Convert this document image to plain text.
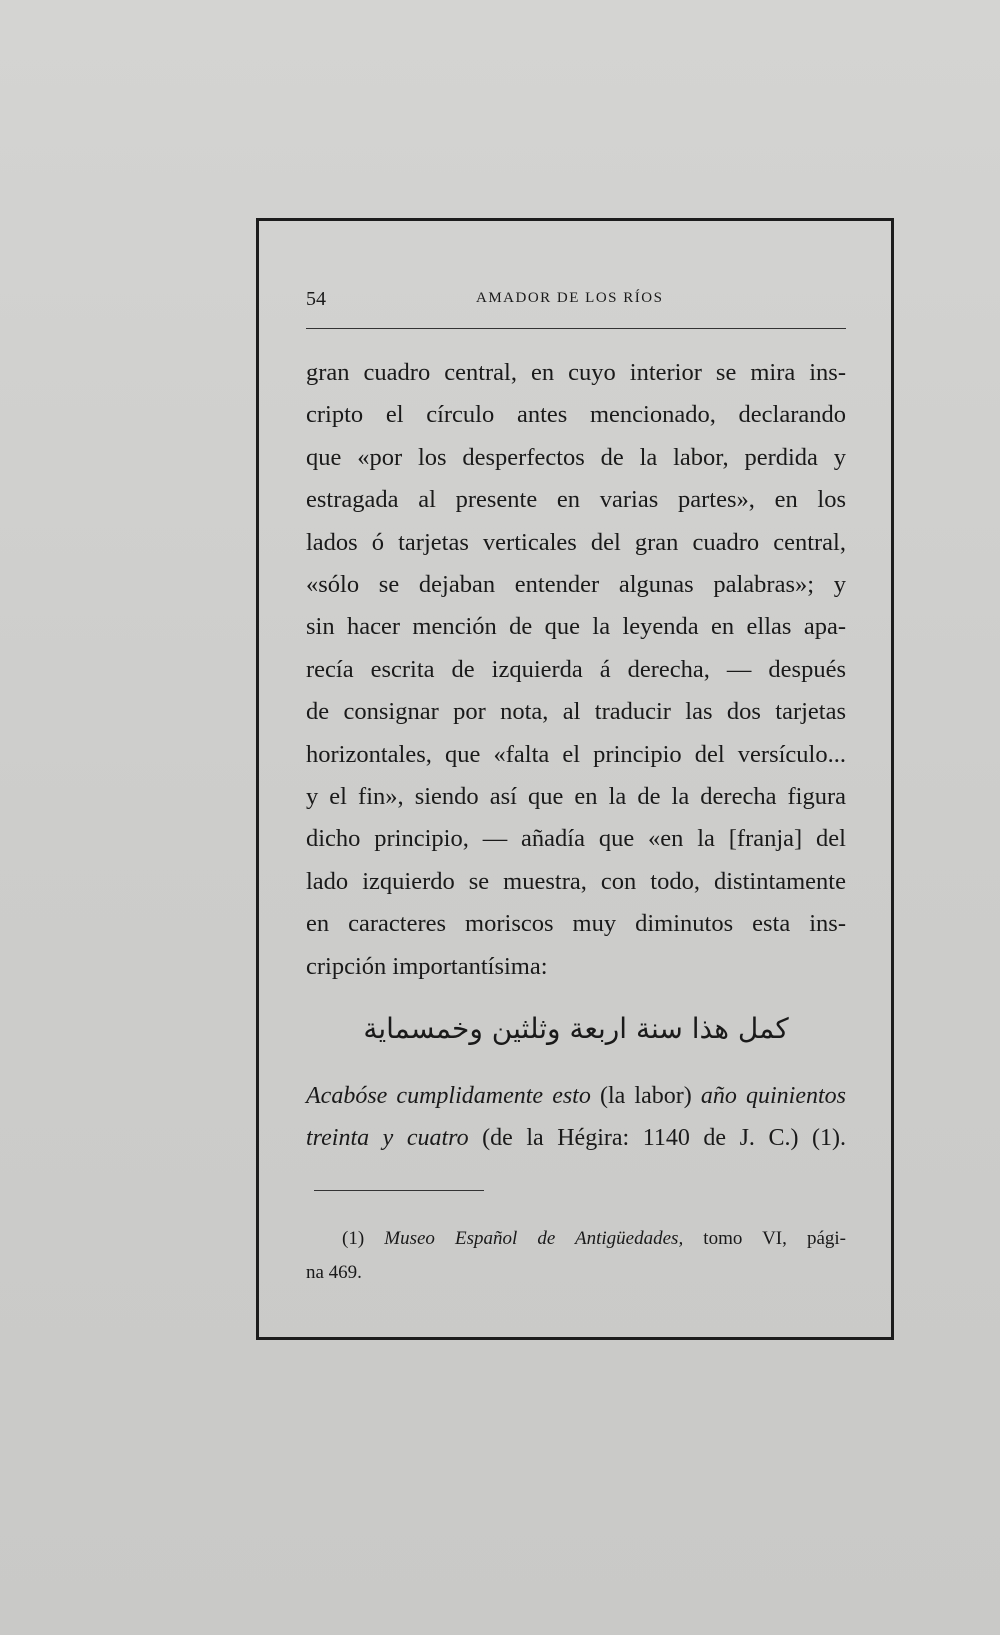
54	AMADOR DE LOS RÍOS
gran cuadro central, en cuyo interior se mira ins-
cripto el círculo antes mencionado, declarando
que «por los desperfectos de la labor, perdida y
estragada al presente en varias partes», en los
lados ó tarjetas verticales del gran cuadro central,
«sólo se dejaban entender algunas palabras»; y
sin hacer mención de que la leyenda en ellas apa-
recía escrita de izquierda á derecha, — después
de consignar por nota, al traducir las dos tarjetas
horizontales, que «falta el principio del versículo...
y el fin», siendo así que en la de la derecha figura
dicho principio, — añadía que «en la [franja] del
lado izquierdo se muestra, con todo, distintamente
en caracteres moriscos muy diminutos esta ins-
cripción importantísima:
كمل هذا سنة اربعة وثلثين وخمسماية
Acabóse cumplidamente esto (la labor) año quinientos
treinta y cuatro (de la Hégira: 1140 de J. C.) (1).
(1) Museo Español de Antigüedades, tomo VI, pági-
na 469.
